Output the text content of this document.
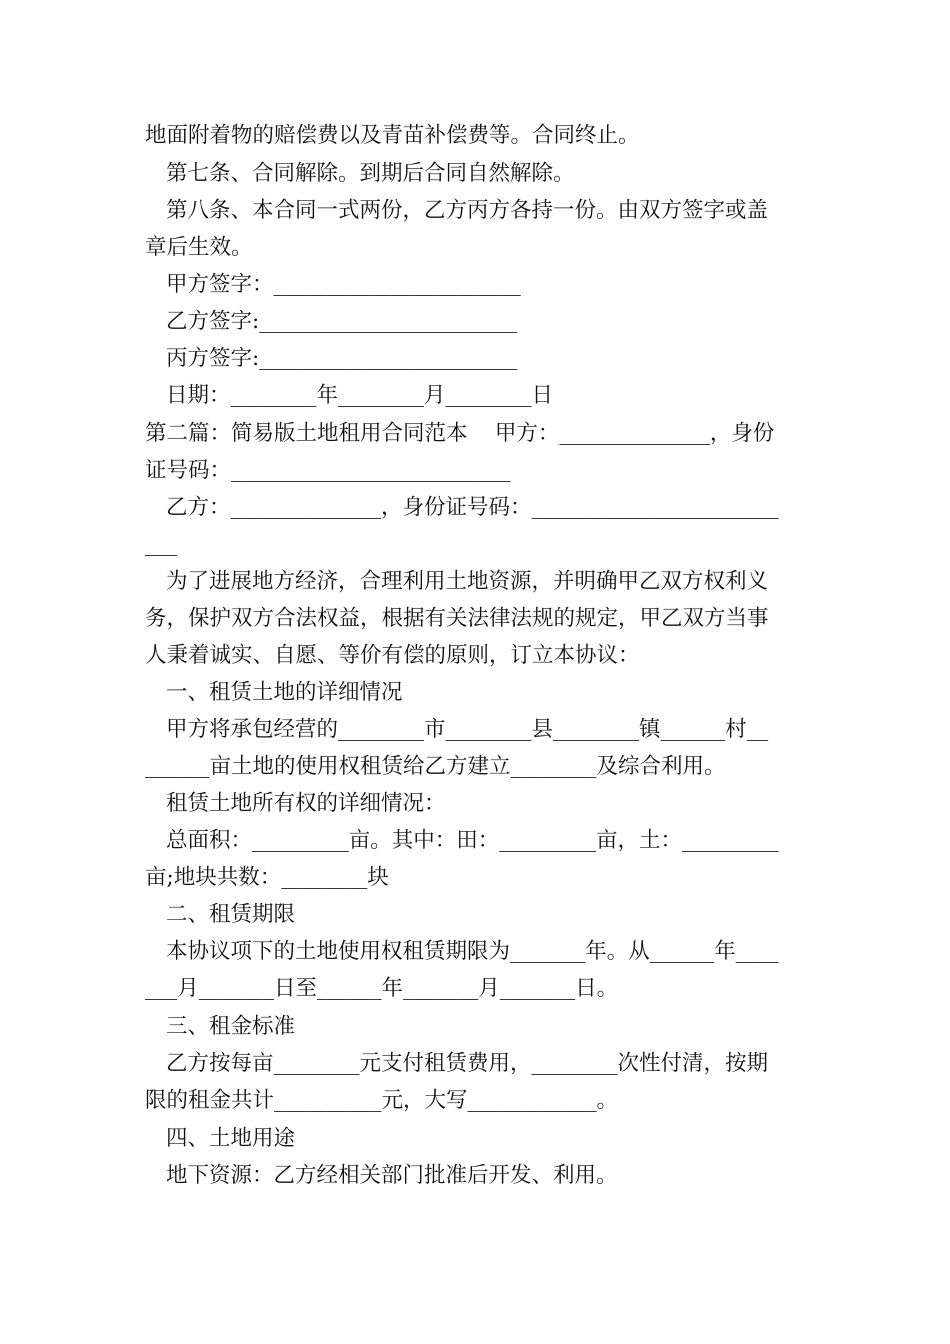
地面附着物的赔偿费以及青苗补偿费等。合同终止。
第七条、合同解除。到期后合同自然解除。
第八条、本合同一式两份，乙方丙方各持一份。由双方签字或盖
章后生效。
甲方签字：_______________________
乙方签字:________________________
丙方签字:________________________
日期：________年________月________日
第二篇：简易版土地租用合同范本    甲方：______________，身份
证号码：__________________________
乙方：______________，身份证号码：_______________________
___
为了进展地方经济，合理利用土地资源，并明确甲乙双方权利义
务，保护双方合法权益，根据有关法律法规的规定，甲乙双方当事
人秉着诚实、自愿、等价有偿的原则，订立本协议：
一、租赁土地的详细情况
甲方将承包经营的________市________县________镇______村__
______亩土地的使用权租赁给乙方建立________及综合利用。
租赁土地所有权的详细情况：
总面积：_________亩。其中：田：_________亩，土：_________
亩;地块共数：________块
二、租赁期限
本协议项下的土地使用权租赁期限为_______年。从______年____
___月_______日至______年_______月_______日。
三、租金标准
乙方按每亩________元支付租赁费用，________次性付清，按期
限的租金共计__________元，大写____________。
四、土地用途
地下资源：乙方经相关部门批准后开发、利用。
